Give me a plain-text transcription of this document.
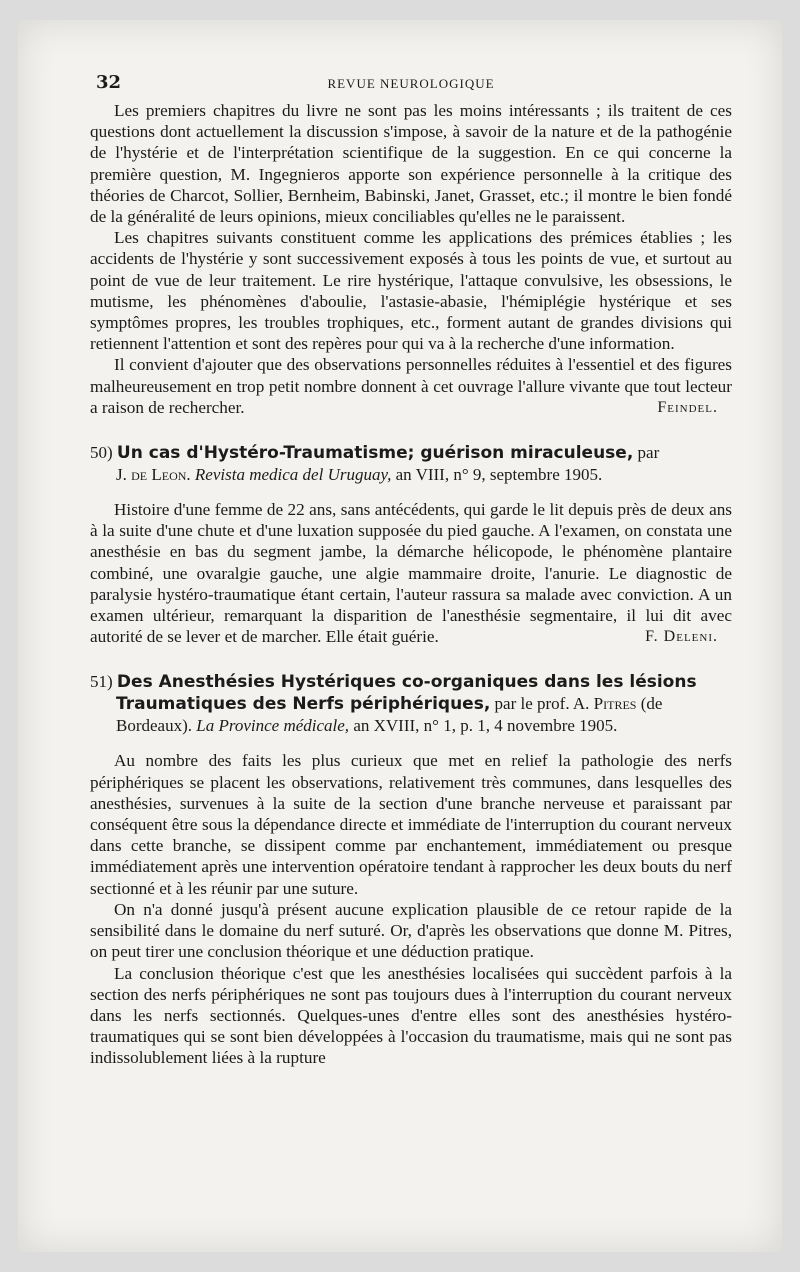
32	REVUE NEUROLOGIQUE

Les premiers chapitres du livre ne sont pas les moins intéressants ; ils traitent de ces questions dont actuellement la discussion s'impose, à savoir de la nature et de la pathogénie de l'hystérie et de l'interprétation scientifique de la suggestion. En ce qui concerne la première question, M. Ingegnieros apporte son expérience personnelle à la critique des théories de Charcot, Sollier, Bernheim, Babinski, Janet, Grasset, etc.; il montre le bien fondé de la généralité de leurs opinions, mieux conciliables qu'elles ne le paraissent.

Les chapitres suivants constituent comme les applications des prémices établies ; les accidents de l'hystérie y sont successivement exposés à tous les points de vue, et surtout au point de vue de leur traitement. Le rire hystérique, l'attaque convulsive, les obsessions, le mutisme, les phénomènes d'aboulie, l'astasie-abasie, l'hémiplégie hystérique et ses symptômes propres, les troubles trophiques, etc., forment autant de grandes divisions qui retiennent l'attention et sont des repères pour qui va à la recherche d'une information.

Il convient d'ajouter que des observations personnelles réduites à l'essentiel et des figures malheureusement en trop petit nombre donnent à cet ouvrage l'allure vivante que tout lecteur a raison de rechercher.	Feindel.

50) Un cas d'Hystéro-Traumatisme; guérison miraculeuse, par
J. de Leon. Revista medica del Uruguay, an VIII, n° 9, septembre 1905.

Histoire d'une femme de 22 ans, sans antécédents, qui garde le lit depuis près de deux ans à la suite d'une chute et d'une luxation supposée du pied gauche. A l'examen, on constata une anesthésie en bas du segment jambe, la démarche hélicopode, le phénomène plantaire combiné, une ovaralgie gauche, une algie mammaire droite, l'anurie. Le diagnostic de paralysie hystéro-traumatique étant certain, l'auteur rassura sa malade avec conviction. A un examen ultérieur, remarquant la disparition de l'anesthésie segmentaire, il lui dit avec autorité de se lever et de marcher. Elle était guérie.	F. Deleni.

51) Des Anesthésies Hystériques co-organiques dans les lésions Traumatiques des Nerfs périphériques, par le prof. A. Pitres (de Bordeaux). La Province médicale, an XVIII, n° 1, p. 1, 4 novembre 1905.

Au nombre des faits les plus curieux que met en relief la pathologie des nerfs périphériques se placent les observations, relativement très communes, dans lesquelles des anesthésies, survenues à la suite de la section d'une branche nerveuse et paraissant par conséquent être sous la dépendance directe et immédiate de l'interruption du courant nerveux dans cette branche, se dissipent comme par enchantement, immédiatement ou presque immédiatement après une intervention opératoire tendant à rapprocher les deux bouts du nerf sectionné et à les réunir par une suture.

On n'a donné jusqu'à présent aucune explication plausible de ce retour rapide de la sensibilité dans le domaine du nerf suturé. Or, d'après les observations que donne M. Pitres, on peut tirer une conclusion théorique et une déduction pratique.

La conclusion théorique c'est que les anesthésies localisées qui succèdent parfois à la section des nerfs périphériques ne sont pas toujours dues à l'interruption du courant nerveux dans les nerfs sectionnés. Quelques-unes d'entre elles sont des anesthésies hystéro-traumatiques qui se sont bien développées à l'occasion du traumatisme, mais qui ne sont pas indissolublement liées à la rupture
